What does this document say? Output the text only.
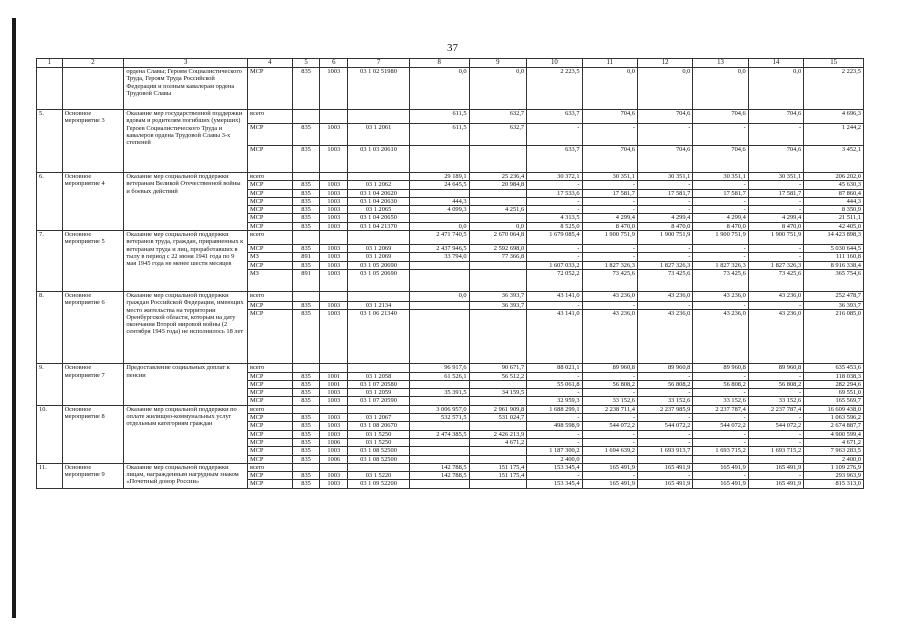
37
1	2	3	4	5	6	7	8	9	10	11	12	13	14	15
		ордена Славы; Героям Социалистического Труда, Героям Труда Российской Федерации и полным кавалерам ордена Трудовой Славы	МСР	835	1003	03 1 02 51980	0,0	0,0	2 223,5	0,0	0,0	0,0	0,0	2 223,5
5.	Основное мероприятие 3	Оказание мер государственной поддержки вдовам и родителям погибших (умерших) Героев Социалистического Труда и кавалеров ордена Трудовой Славы 3-х степеней	всего				611,5	632,7	633,7	704,6	704,6	704,6	704,6	4 696,3
			МСР	835	1003	03 1 2061	611,5	632,7	-	-	-	-	-	1 244,2
			МСР	835	1003	03 1 03 20610			633,7	704,6	704,6	704,6	704,6	3 452,1
6.	Основное мероприятие 4	Оказание мер социальной поддержки ветеранам Великой Отечественной войны и боевых действий	всего				29 189,1	25 236,4	30 372,1	30 351,1	30 351,1	30 351,1	30 351,1	206 202,0
			МСР	835	1003	03 1 2062	24 645,5	20 984,8	-	-	-	-	-	45 630,3
			МСР	835	1003	03 1 04 20620			17 533,6	17 581,7	17 581,7	17 581,7	17 581,7	87 860,4
			МСР	835	1003	03 1 04 20630	444,3		-	-	-	-	-	444,3
			МСР	835	1003	03 1 2065	4 099,3	4 251,6	-	-	-	-	-	8 350,9
			МСР	835	1003	03 1 04 20650			4 313,5	4 299,4	4 299,4	4 299,4	4 299,4	21 511,1
			МСР	835	1003	03 1 04 21370	0,0	0,0	8 525,0	8 470,0	8 470,0	8 470,0	8 470,0	42 405,0
7.	Основное мероприятие 5	Оказание мер социальной поддержки ветеранов труда, граждан, приравненных к ветеранам труда и лиц, проработавших в тылу в период с 22 июня 1941 года по 9 мая 1945 года не менее шести месяцев	всего				2 471 740,5	2 670 064,8	1 679 085,4	1 900 751,9	1 900 751,9	1 900 751,9	1 900 751,9	14 423 898,3
			МСР	835	1003	03 1 2069	2 437 946,5	2 592 698,0	-	-	-	-	-	5 030 644,5
			МЗ	891	1003	03 1 2069	33 794,0	77 366,8	-	-	-	-	-	111 160,8
			МСР	835	1003	03 1 05 20690			1 607 033,2	1 827 326,3	1 827 326,3	1 827 326,3	1 827 326,3	8 916 338,4
			МЗ	891	1003	03 1 05 20690			72 052,2	73 425,6	73 425,6	73 425,6	73 425,6	365 754,6
8.	Основное мероприятие 6	Оказание мер социальной поддержки граждан Российской Федерации, имеющих место жительства на территории Оренбургской области, которым на дату окончания Второй мировой войны (2 сентября 1945 года) не исполнилось 18 лет	всего				0,0	36 393,7	43 141,0	43 236,0	43 236,0	43 236,0	43 236,0	252 478,7
			МСР	835	1003	03 1 2134		36 393,7	-	-	-	-	-	36 393,7
			МСР	835	1003	03 1 06 21340			43 141,0	43 236,0	43 236,0	43 236,0	43 236,0	216 085,0
9.	Основное мероприятие 7	Предоставление социальных доплат к пенсии	всего				96 917,6	90 671,7	88 021,1	89 960,8	89 960,8	89 960,8	89 960,8	635 453,6
			МСР	835	1001	03 1 2058	61 526,1	56 512,2	-	-	-	-	-	118 038,3
			МСР	835	1001	03 1 07 20580			55 061,8	56 808,2	56 808,2	56 808,2	56 808,2	282 294,6
			МСР	835	1003	03 1 2059	35 391,5	34 159,5	-	-	-	-	-	69 551,0
			МСР	835	1003	03 1 07 20590			32 959,3	33 152,6	33 152,6	33 152,6	33 152,6	165 569,7
10.	Основное мероприятие 8	Оказание мер социальной поддержки по оплате жилищно-коммунальных услуг отдельным категориям граждан	всего				3 006 957,0	2 961 909,8	1 688 299,1	2 238 711,4	2 237 985,9	2 237 787,4	2 237 787,4	16 609 438,0
			МСР	835	1003	03 1 2067	532 571,5	531 024,7	-	-	-	-	-	1 063 596,2
			МСР	835	1003	03 1 08 20670			498 598,9	544 072,2	544 072,2	544 072,2	544 072,2	2 674 887,7
			МСР	835	1003	03 1 5250	2 474 385,5	2 426 213,9	-	-	-	-	-	4 900 599,4
			МСР	835	1006	03 1 5250		4 671,2	-	-	-	-	-	4 671,2
			МСР	835	1003	03 1 08 52500			1 187 300,2	1 694 639,2	1 693 913,7	1 693 715,2	1 693 715,2	7 963 283,5
			МСР	835	1006	03 1 08 52500			2 400,0					2 400,0
11.	Основное мероприятие 9	Оказание мер социальной поддержки лицам, награжденным нагрудным знаком «Почетный донор России»	всего				142 788,5	151 175,4	153 345,4	165 491,9	165 491,9	165 491,9	165 491,9	1 109 276,9
			МСР	835	1003	03 1 5220	142 788,5	151 175,4	-	-	-	-	-	293 963,9
			МСР	835	1003	03 1 09 52200			153 345,4	165 491,9	165 491,9	165 491,9	165 491,9	815 313,0
